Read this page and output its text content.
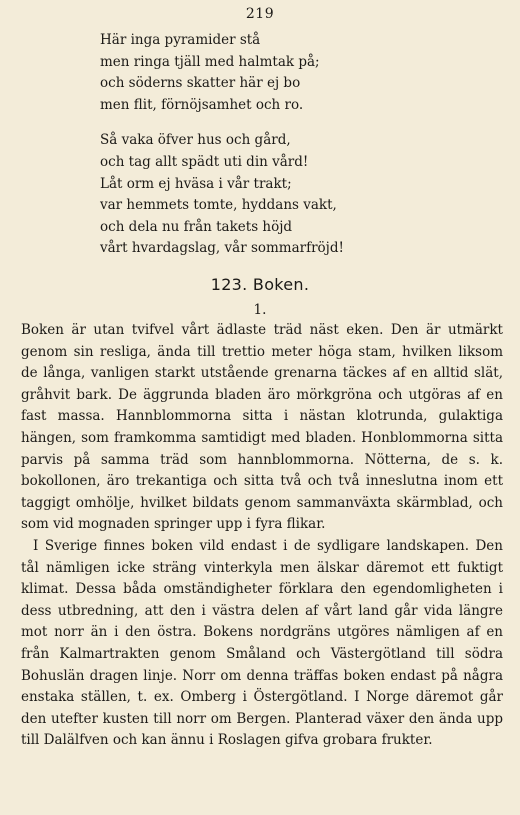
219
Här inga pyramider stå
men ringa tjäll med halmtak på;
och söderns skatter här ej bo
men flit, förnöjsamhet och ro.
Så vaka öfver hus och gård,
och tag allt spädt uti din vård!
Låt orm ej hväsa i vår trakt;
var hemmets tomte, hyddans vakt,
och dela nu från takets höjd
vårt hvardagslag, vår sommarfröjd!
123. Boken.
1.

Boken är utan tvifvel vårt ädlaste träd näst eken. Den är utmärkt genom sin resliga, ända till trettio meter höga stam, hvilken liksom de långa, vanligen starkt utstående grenarna täckes af en alltid slät, gråhvit bark. De äggrunda bladen äro mörkgröna och utgöras af en fast massa. Hannblommorna sitta i nästan klotrunda, gulaktiga hängen, som framkomma samtidigt med bladen. Honblommorna sitta parvis på samma träd som hannblommorna. Nötterna, de s. k. bokollonen, äro trekantiga och sitta två och två inneslutna inom ett taggigt omhölje, hvilket bildats genom sammanväxta skärmblad, och som vid mognaden springer upp i fyra flikar.

I Sverige finnes boken vild endast i de sydligare landskapen. Den tål nämligen icke sträng vinterkyla men älskar däremot ett fuktigt klimat. Dessa båda omständigheter förklara den egendomligheten i dess utbredning, att den i västra delen af vårt land går vida längre mot norr än i den östra. Bokens nordgräns utgöres nämligen af en från Kalmartrakten genom Småland och Västergötland till södra Bohuslän dragen linje. Norr om denna träffas boken endast på några enstaka ställen, t. ex. Omberg i Östergötland. I Norge däremot går den utefter kusten till norr om Bergen. Planterad växer den ända upp till Dalälfven och kan ännu i Roslagen gifva grobara frukter.
